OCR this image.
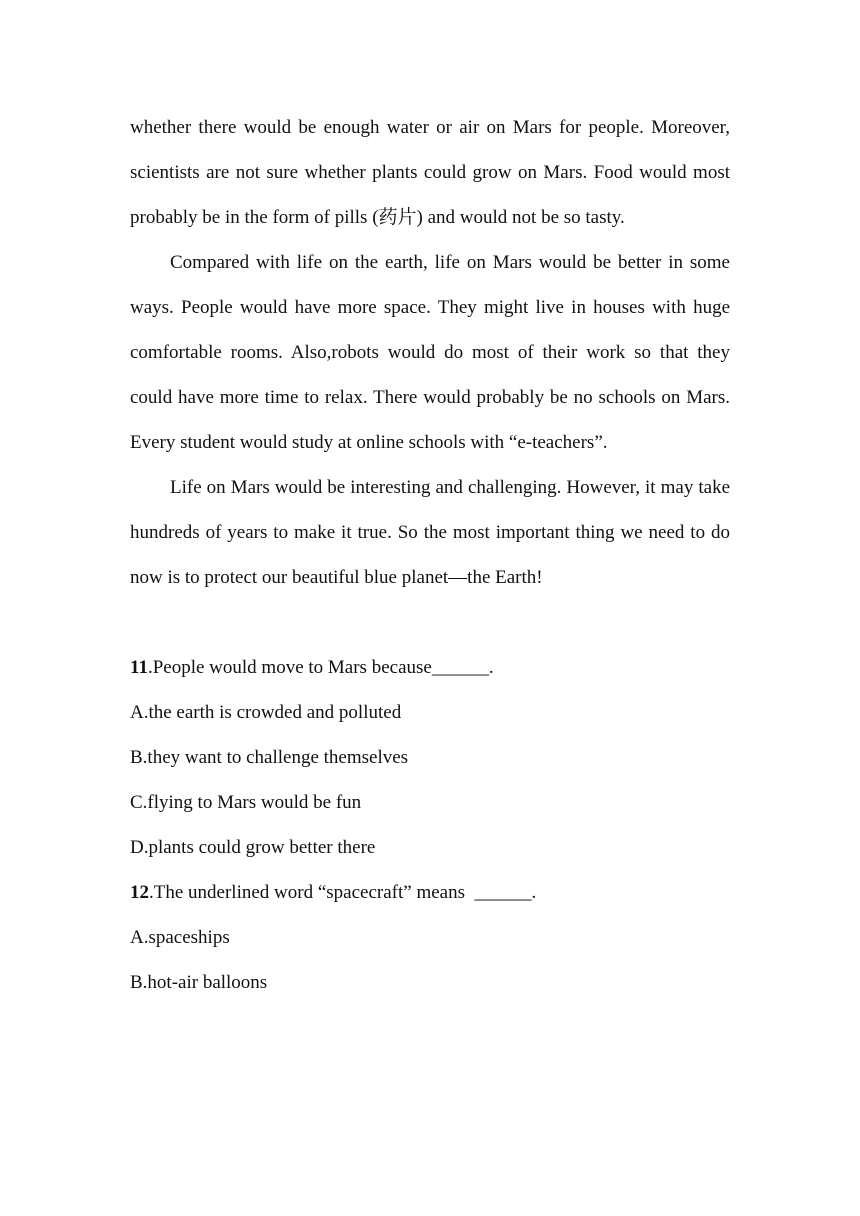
whether there would be enough water or air on Mars for people. Moreover, scientists are not sure whether plants could grow on Mars. Food would most probably be in the form of pills (药片) and would not be so tasty.

Compared with life on the earth, life on Mars would be better in some ways. People would have more space. They might live in houses with huge comfortable rooms. Also,robots would do most of their work so that they could have more time to relax. There would probably be no schools on Mars. Every student would study at online schools with “e-teachers”.

Life on Mars would be interesting and challenging. However, it may take hundreds of years to make it true. So the most important thing we need to do now is to protect our beautiful blue planet—the Earth!

11.People would move to Mars because______.

A.the earth is crowded and polluted

B.they want to challenge themselves

C.flying to Mars would be fun

D.plants could grow better there

12.The underlined word “spacecraft” means  ______.

A.spaceships

B.hot-air balloons
